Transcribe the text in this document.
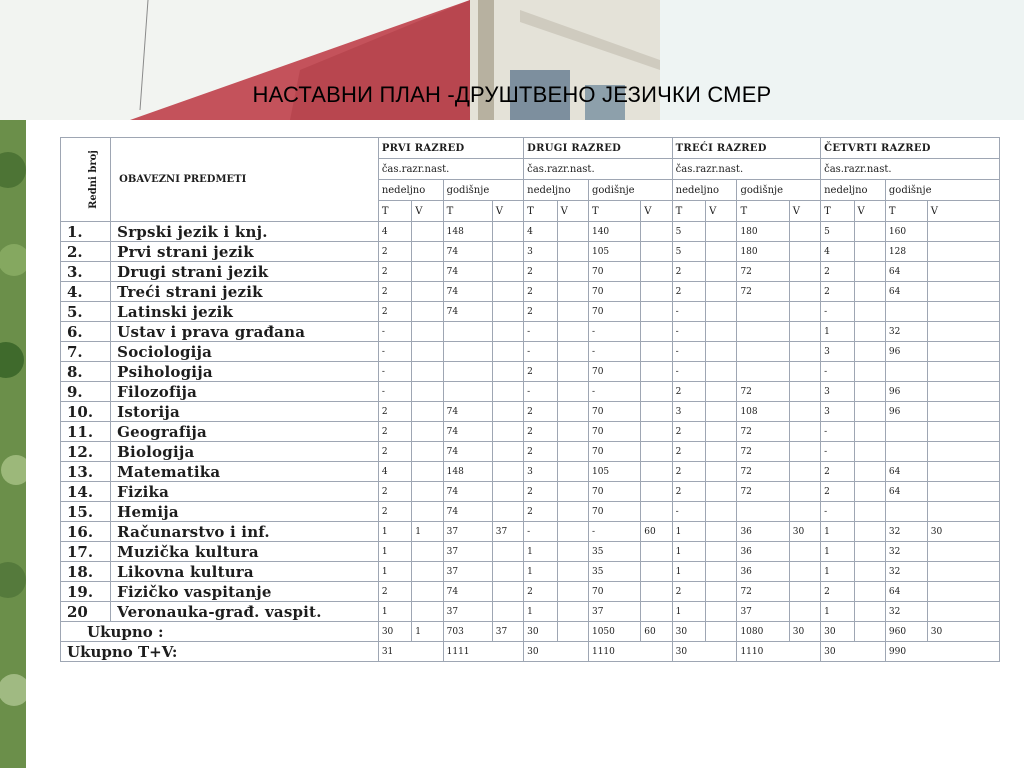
НАСТАВНИ ПЛАН -ДРУШТВЕНО ЈЕЗИЧКИ СМЕР
Redni broj	OBAVEZNI PREDMETI	PRVI RAZRED				DRUGI RAZRED				TREĆI RAZRED				ČETVRTI RAZRED			
		čas.razr.nast.				čas.razr.nast.				čas.razr.nast.				čas.razr.nast.			
		nedeljno		godišnje		nedeljno		godišnje		nedeljno		godišnje		nedeljno		godišnje	
		T	V	T	V	T	V	T	V	T	V	T	V	T	V	T	V
1.	Srpski jezik i knj.	4		148		4		140		5		180		5		160	
2.	Prvi strani jezik	2		74		3		105		5		180		4		128	
3.	Drugi strani jezik	2		74		2		70		2		72		2		64	
4.	Treći strani jezik	2		74		2		70		2		72		2		64	
5.	Latinski jezik	2		74		2		70		-				-			
6.	Ustav i prava građana	-				-		-		-				1		32	
7.	Sociologija	-				-		-		-				3		96	
8.	Psihologija	-				2		70		-				-			
9.	Filozofija	-				-		-		2		72		3		96	
10.	Istorija	2		74		2		70		3		108		3		96	
11.	Geografija	2		74		2		70		2		72		-			
12.	Biologija	2		74		2		70		2		72		-			
13.	Matematika	4		148		3		105		2		72		2		64	
14.	Fizika	2		74		2		70		2		72		2		64	
15.	Hemija	2		74		2		70		-				-			
16.	Računarstvo i inf.	1	1	37	37	-		-	60	1		36	30	1		32	30
17.	Muzička kultura	1		37		1		35		1		36		1		32	
18.	Likovna kultura	1		37		1		35		1		36		1		32	
19.	Fizičko vaspitanje	2		74		2		70		2		72		2		64	
20	Veronauka-građ. vaspit.	1		37		1		37		1		37		1		32	
Ukupno :		30	1	703	37	30		1050	60	30		1080	30	30		960	30
Ukupno T+V:		31		1111		30		1110		30		1110		30		990	
